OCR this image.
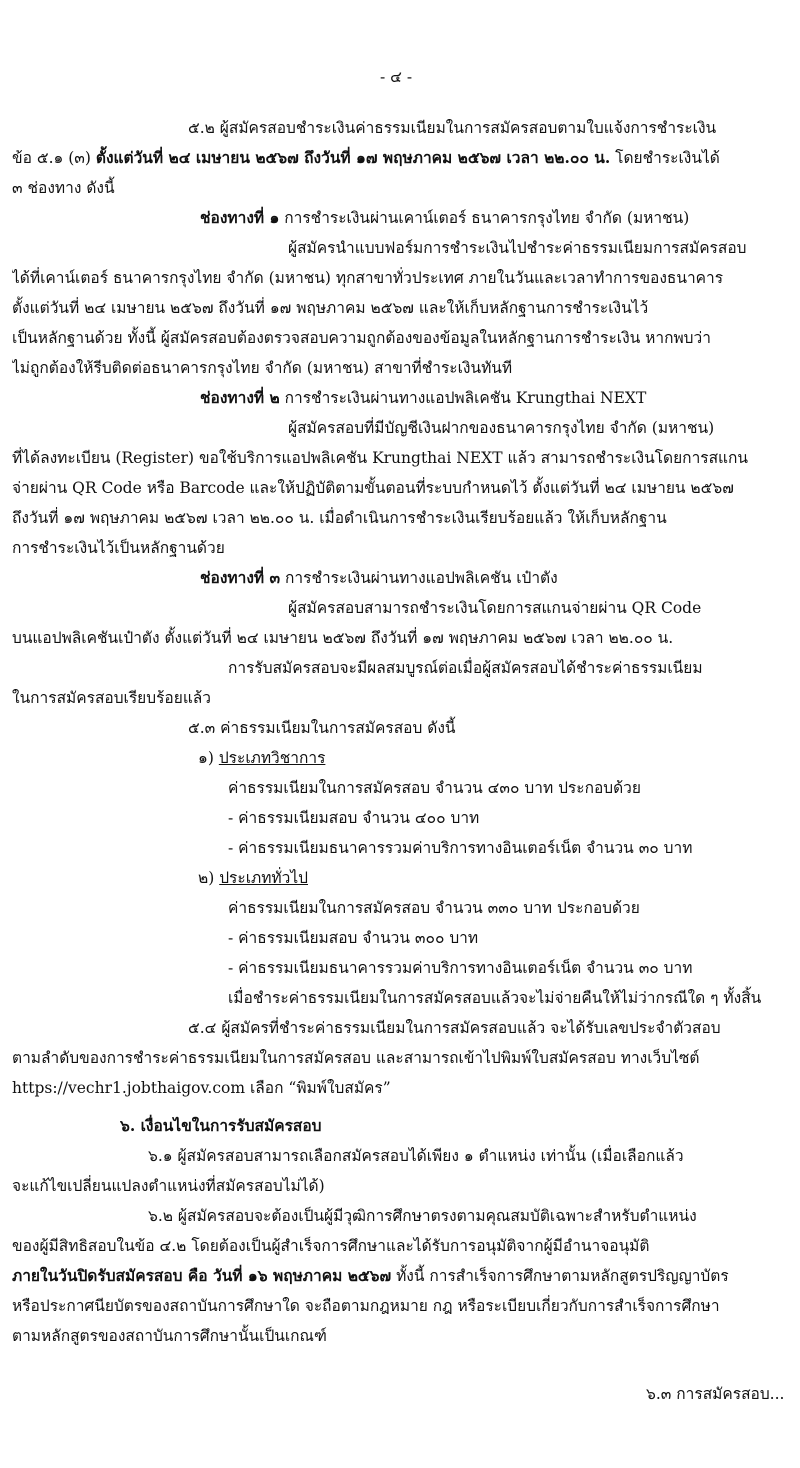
- ๔ -
๕.๒ ผู้สมัครสอบชำระเงินค่าธรรมเนียมในการสมัครสอบตามใบแจ้งการชำระเงิน
ข้อ ๕.๑ (๓) ตั้งแต่วันที่ ๒๔ เมษายน ๒๕๖๗ ถึงวันที่ ๑๗ พฤษภาคม ๒๕๖๗ เวลา ๒๒.๐๐ น. โดยชำระเงินได้
๓ ช่องทาง ดังนี้
ช่องทางที่ ๑ การชำระเงินผ่านเคาน์เตอร์ ธนาคารกรุงไทย จำกัด (มหาชน)
ผู้สมัครนำแบบฟอร์มการชำระเงินไปชำระค่าธรรมเนียมการสมัครสอบ
ได้ที่เคาน์เตอร์ ธนาคารกรุงไทย จำกัด (มหาชน) ทุกสาขาทั่วประเทศ ภายในวันและเวลาทำการของธนาคาร
ตั้งแต่วันที่ ๒๔ เมษายน ๒๕๖๗ ถึงวันที่ ๑๗ พฤษภาคม ๒๕๖๗ และให้เก็บหลักฐานการชำระเงินไว้
เป็นหลักฐานด้วย ทั้งนี้ ผู้สมัครสอบต้องตรวจสอบความถูกต้องของข้อมูลในหลักฐานการชำระเงิน หากพบว่า
ไม่ถูกต้องให้รีบติดต่อธนาคารกรุงไทย จำกัด (มหาชน) สาขาที่ชำระเงินทันที
ช่องทางที่ ๒ การชำระเงินผ่านทางแอปพลิเคชัน Krungthai NEXT
ผู้สมัครสอบที่มีบัญชีเงินฝากของธนาคารกรุงไทย จำกัด (มหาชน)
ที่ได้ลงทะเบียน (Register) ขอใช้บริการแอปพลิเคชัน Krungthai NEXT แล้ว สามารถชำระเงินโดยการสแกน
จ่ายผ่าน QR Code หรือ Barcode และให้ปฏิบัติตามขั้นตอนที่ระบบกำหนดไว้ ตั้งแต่วันที่ ๒๔ เมษายน ๒๕๖๗
ถึงวันที่ ๑๗ พฤษภาคม ๒๕๖๗ เวลา ๒๒.๐๐ น. เมื่อดำเนินการชำระเงินเรียบร้อยแล้ว ให้เก็บหลักฐาน
การชำระเงินไว้เป็นหลักฐานด้วย
ช่องทางที่ ๓ การชำระเงินผ่านทางแอปพลิเคชัน เป๋าตัง
ผู้สมัครสอบสามารถชำระเงินโดยการสแกนจ่ายผ่าน QR Code
บนแอปพลิเคชันเป๋าตัง ตั้งแต่วันที่ ๒๔ เมษายน ๒๕๖๗ ถึงวันที่ ๑๗ พฤษภาคม ๒๕๖๗ เวลา ๒๒.๐๐ น.
การรับสมัครสอบจะมีผลสมบูรณ์ต่อเมื่อผู้สมัครสอบได้ชำระค่าธรรมเนียม
ในการสมัครสอบเรียบร้อยแล้ว
๕.๓ ค่าธรรมเนียมในการสมัครสอบ ดังนี้
๑) ประเภทวิชาการ
ค่าธรรมเนียมในการสมัครสอบ จำนวน ๔๓๐ บาท ประกอบด้วย
- ค่าธรรมเนียมสอบ จำนวน ๔๐๐ บาท
- ค่าธรรมเนียมธนาคารรวมค่าบริการทางอินเตอร์เน็ต จำนวน ๓๐ บาท
๒) ประเภททั่วไป
ค่าธรรมเนียมในการสมัครสอบ จำนวน ๓๓๐ บาท ประกอบด้วย
- ค่าธรรมเนียมสอบ จำนวน ๓๐๐ บาท
- ค่าธรรมเนียมธนาคารรวมค่าบริการทางอินเตอร์เน็ต จำนวน ๓๐ บาท
เมื่อชำระค่าธรรมเนียมในการสมัครสอบแล้วจะไม่จ่ายคืนให้ไม่ว่ากรณีใด ๆ ทั้งสิ้น
๕.๔ ผู้สมัครที่ชำระค่าธรรมเนียมในการสมัครสอบแล้ว จะได้รับเลขประจำตัวสอบ
ตามลำดับของการชำระค่าธรรมเนียมในการสมัครสอบ และสามารถเข้าไปพิมพ์ใบสมัครสอบ ทางเว็บไซต์
https://vechr1.jobthaigov.com เลือก “พิมพ์ใบสมัคร”
๖. เงื่อนไขในการรับสมัครสอบ
๖.๑ ผู้สมัครสอบสามารถเลือกสมัครสอบได้เพียง ๑ ตำแหน่ง เท่านั้น (เมื่อเลือกแล้ว
จะแก้ไขเปลี่ยนแปลงตำแหน่งที่สมัครสอบไม่ได้)
๖.๒ ผู้สมัครสอบจะต้องเป็นผู้มีวุฒิการศึกษาตรงตามคุณสมบัติเฉพาะสำหรับตำแหน่ง
ของผู้มีสิทธิสอบในข้อ ๔.๒ โดยต้องเป็นผู้สำเร็จการศึกษาและได้รับการอนุมัติจากผู้มีอำนาจอนุมัติ
ภายในวันปิดรับสมัครสอบ คือ วันที่ ๑๖ พฤษภาคม ๒๕๖๗ ทั้งนี้ การสำเร็จการศึกษาตามหลักสูตรปริญญาบัตร
หรือประกาศนียบัตรของสถาบันการศึกษาใด จะถือตามกฎหมาย กฎ หรือระเบียบเกี่ยวกับการสำเร็จการศึกษา
ตามหลักสูตรของสถาบันการศึกษานั้นเป็นเกณฑ์
๖.๓ การสมัครสอบ...
